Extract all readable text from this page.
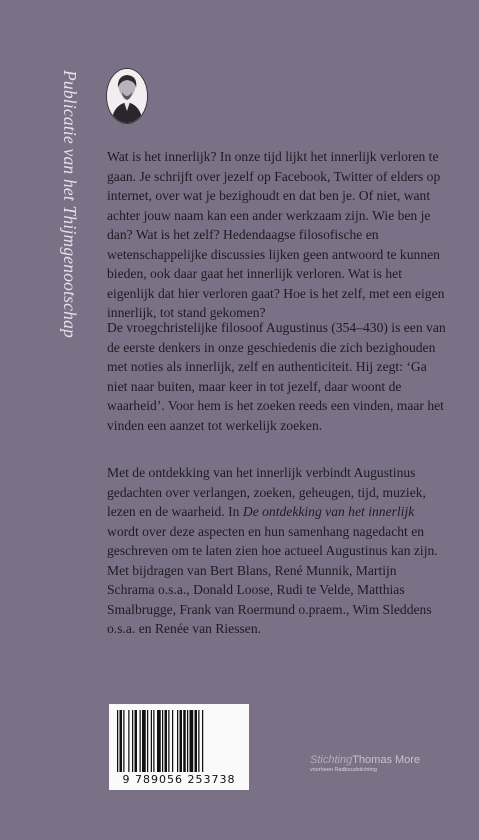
Publicatie van het Thijmgenootschap Wat is het innerlijk? In onze tijd lijkt het innerlijk verloren te gaan. Je schrijft over jezelf op Facebook, Twitter of elders op internet, over wat je bezighoudt en dat ben je. Of niet, want achter jouw naam kan een ander werkzaam zijn. Wie ben je dan? Wat is het zelf? Hedendaagse filosofische en wetenschappelijke discussies lijken geen antwoord te kunnen bieden, ook daar gaat het innerlijk verloren. Wat is het eigenlijk dat hier verloren gaat? Hoe is het zelf, met een eigen innerlijk, tot stand gekomen?

De vroegchristelijke filosoof Augustinus (354–430) is een van de eerste denkers in onze geschiedenis die zich bezighouden met noties als innerlijk, zelf en authenticiteit. Hij zegt: ‘Ga niet naar buiten, maar keer in tot jezelf, daar woont de waarheid’. Voor hem is het zoeken reeds een vinden, maar het vinden een aanzet tot werkelijk zoeken.

Met de ontdekking van het innerlijk verbindt Augustinus gedachten over verlangen, zoeken, geheugen, tijd, muziek, lezen en de waarheid. In De ontdekking van het innerlijk wordt over deze aspecten en hun samenhang nagedacht en geschreven om te laten zien hoe actueel Augustinus kan zijn. Met bijdragen van Bert Blans, René Munnik, Martijn Schrama o.s.a., Donald Loose, Rudi te Velde, Matthias Smalbrugge, Frank van Roermund o.praem., Wim Sleddens o.s.a. en Renée van Riessen.

9 789056 253738
StichtingThomas More
voorheen Radboudstichting
